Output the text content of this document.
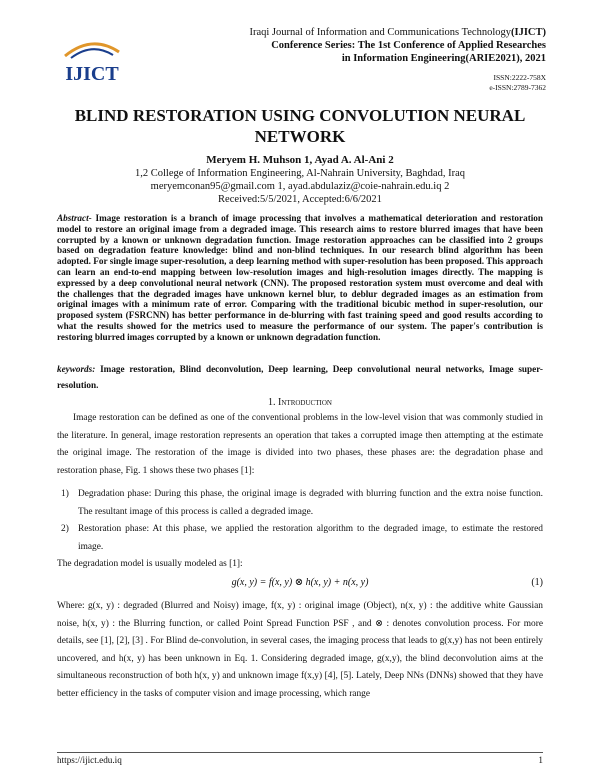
IJICT
Iraqi Journal of Information and Communications Technology(IJICT)
Conference Series: The 1st Conference of Applied Researches
in Information Engineering(ARIE2021), 2021
ISSN:2222-758X
e-ISSN:2789-7362
BLIND RESTORATION USING CONVOLUTION NEURAL
NETWORK
Meryem H. Muhson 1, Ayad A. Al-Ani 2
1,2 College of Information Engineering, Al-Nahrain University, Baghdad, Iraq
meryemconan95@gmail.com 1, ayad.abdulaziz@coie-nahrain.edu.iq 2
Received:5/5/2021, Accepted:6/6/2021
Abstract- Image restoration is a branch of image processing that involves a mathematical deterioration and restoration model to restore an original image from a degraded image. This research aims to restore blurred images that have been corrupted by a known or unknown degradation function. Image restoration approaches can be classified into 2 groups based on degradation feature knowledge: blind and non-blind techniques. In our research blind algorithm has been adopted. For single image super-resolution, a deep learning method with super-resolution has been proposed. This approach can learn an end-to-end mapping between low-resolution images and high-resolution images directly. The mapping is expressed by a deep convolutional neural network (CNN). The proposed restoration system must overcome and deal with the challenges that the degraded images have unknown kernel blur, to deblur degraded images as an estimation from original images with a minimum rate of error. Comparing with the traditional bicubic method in super-resolution, our proposed system (FSRCNN) has better performance in de-blurring with fast training speed and good results according to what the results showed for the metrics used to measure the performance of our system. The paper's contribution is restoring blurred images corrupted by a known or unknown degradation function.
keywords: Image restoration, Blind deconvolution, Deep learning, Deep convolutional neural networks, Image super-resolution.
1. Introduction
Image restoration can be defined as one of the conventional problems in the low-level vision that was commonly studied in the literature. In general, image restoration represents an operation that takes a corrupted image then attempting at the estimate the original image. The restoration of the image is divided into two phases, these phases are: the degradation phase and restoration phase, Fig. 1 shows these two phases [1]:
1) Degradation phase: During this phase, the original image is degraded with blurring function and the extra noise function. The resultant image of this process is called a degraded image.
2) Restoration phase: At this phase, we applied the restoration algorithm to the degraded image, to estimate the restored image.
The degradation model is usually modeled as [1]:
g(x, y) = f(x, y) ⊗ h(x, y) + n(x, y)	(1)
Where: g(x, y) : degraded (Blurred and Noisy) image, f(x, y) : original image (Object), n(x, y) : the additive white Gaussian noise, h(x, y) : the Blurring function, or called Point Spread Function PSF , and ⊗ : denotes convolution process. For more details, see [1], [2], [3] . For Blind de-convolution, in several cases, the imaging process that leads to g(x,y) has not been entirely uncovered, and h(x, y) has been unknown in Eq. 1. Considering degraded image, g(x,y), the blind deconvolution aims at the simultaneous reconstruction of both h(x, y) and unknown image f(x,y) [4], [5]. Lately, Deep NNs (DNNs) showed that they have better efficiency in the tasks of computer vision and image processing, which range
https://ijict.edu.iq	1
